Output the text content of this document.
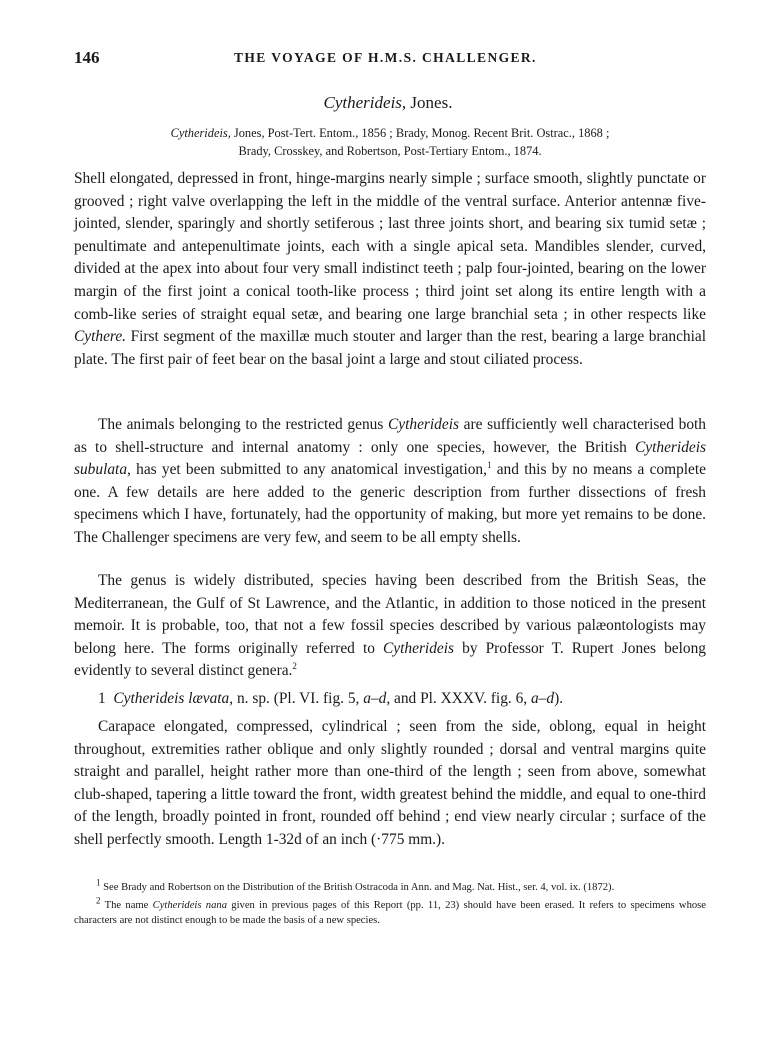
146	THE VOYAGE OF H.M.S. CHALLENGER.
Cytherideis, Jones.
Cytherideis, Jones, Post-Tert. Entom., 1856 ; Brady, Monog. Recent Brit. Ostrac., 1868 ;
Brady, Crosskey, and Robertson, Post-Tertiary Entom., 1874.
Shell elongated, depressed in front, hinge-margins nearly simple ; surface smooth, slightly punctate or grooved ; right valve overlapping the left in the middle of the ventral surface. Anterior antennæ five-jointed, slender, sparingly and shortly setiferous ; last three joints short, and bearing six tumid setæ ; penultimate and antepenultimate joints, each with a single apical seta. Mandibles slender, curved, divided at the apex into about four very small indistinct teeth ; palp four-jointed, bearing on the lower margin of the first joint a conical tooth-like process ; third joint set along its entire length with a comb-like series of straight equal setæ, and bearing one large branchial seta ; in other respects like Cythere. First segment of the maxillæ much stouter and larger than the rest, bearing a large branchial plate. The first pair of feet bear on the basal joint a large and stout ciliated process.
The animals belonging to the restricted genus Cytherideis are sufficiently well characterised both as to shell-structure and internal anatomy : only one species, however, the British Cytherideis subulata, has yet been submitted to any anatomical investigation,$^1$ and this by no means a complete one. A few details are here added to the generic description from further dissections of fresh specimens which I have, fortunately, had the opportunity of making, but more yet remains to be done. The Challenger specimens are very few, and seem to be all empty shells.
The genus is widely distributed, species having been described from the British Seas, the Mediterranean, the Gulf of St Lawrence, and the Atlantic, in addition to those noticed in the present memoir. It is probable, too, that not a few fossil species described by various palæontologists may belong here. The forms originally referred to Cytherideis by Professor T. Rupert Jones belong evidently to several distinct genera.$^2$
1 Cytherideis lævata, n. sp. (Pl. VI. fig. 5, a–d, and Pl. XXXV. fig. 6, a–d).
Carapace elongated, compressed, cylindrical ; seen from the side, oblong, equal in height throughout, extremities rather oblique and only slightly rounded ; dorsal and ventral margins quite straight and parallel, height rather more than one-third of the length ; seen from above, somewhat club-shaped, tapering a little toward the front, width greatest behind the middle, and equal to one-third of the length, broadly pointed in front, rounded off behind ; end view nearly circular ; surface of the shell perfectly smooth. Length 1-32d of an inch (·775 mm.).

$^1$ See Brady and Robertson on the Distribution of the British Ostracoda in Ann. and Mag. Nat. Hist., ser. 4, vol. ix. (1872).

$^2$ The name Cytherideis nana given in previous pages of this Report (pp. 11, 23) should have been erased. It refers to specimens whose characters are not distinct enough to be made the basis of a new species.
